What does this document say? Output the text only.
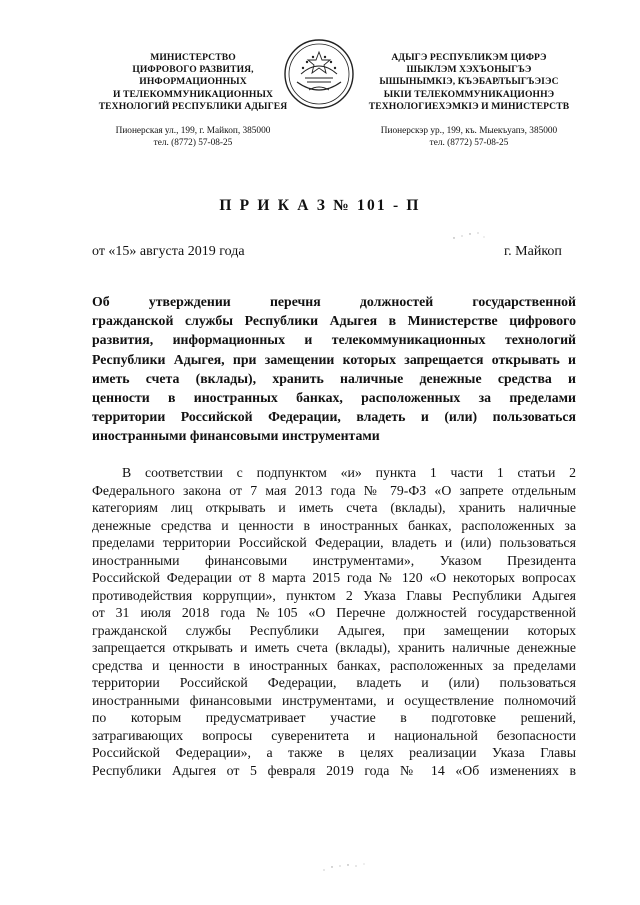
МИНИСТЕРСТВО
ЦИФРОВОГО РАЗВИТИЯ,
ИНФОРМАЦИОННЫХ
И ТЕЛЕКОММУНИКАЦИОННЫХ
ТЕХНОЛОГИЙ РЕСПУБЛИКИ АДЫГЕЯ
Пионерская ул., 199, г. Майкоп, 385000
тел. (8772) 57-08-25
АДЫГЭ РЕСПУБЛИКЭМ ЦИФРЭ
ШЫКЛЭМ ХЭХЪОНЫГЪЭ
ЫШЫНЫМКIЭ, КЪЭБАРЛЪЫГЪЭIЭС
ЫКIИ ТЕЛЕКОММУНИКАЦИОННЭ
ТЕХНОЛОГИЕХЭМКIЭ И МИНИСТЕРСТВ
Пионерскэр ур., 199, къ. Мыекъуапэ, 385000
тел. (8772) 57-08-25
П Р И К А З № 101 - П
от «15» августа 2019 года	г. Майкоп
Об утверждении перечня должностей государственной
гражданской службы Республики Адыгея в Министерстве цифрового
развития, информационных и телекоммуникационных технологий
Республики Адыгея, при замещении которых запрещается открывать и
иметь счета (вклады), хранить наличные денежные средства и
ценности в иностранных банках, расположенных за пределами
территории Российской Федерации, владеть и (или) пользоваться
иностранными финансовыми инструментами
В соответствии с подпунктом «и» пункта 1 части 1 статьи 2
Федерального закона от 7 мая 2013 года № 79-ФЗ «О запрете отдельным
категориям лиц открывать и иметь счета (вклады), хранить наличные
денежные средства и ценности в иностранных банках, расположенных за
пределами территории Российской Федерации, владеть и (или) пользоваться
иностранными финансовыми инструментами», Указом Президента
Российской Федерации от 8 марта 2015 года № 120 «О некоторых вопросах
противодействия коррупции», пунктом 2 Указа Главы Республики Адыгея
от 31 июля 2018 года №105 «О Перечне должностей государственной
гражданской службы Республики Адыгея, при замещении которых
запрещается открывать и иметь счета (вклады), хранить наличные денежные
средства и ценности в иностранных банках, расположенных за пределами
территории Российской Федерации, владеть и (или) пользоваться
иностранными финансовыми инструментами, и осуществление полномочий
по которым предусматривает участие в подготовке решений,
затрагивающих вопросы суверенитета и национальной безопасности
Российской Федерации», а также в целях реализации Указа Главы
Республики Адыгея от 5 февраля 2019 года № 14 «Об изменениях в
